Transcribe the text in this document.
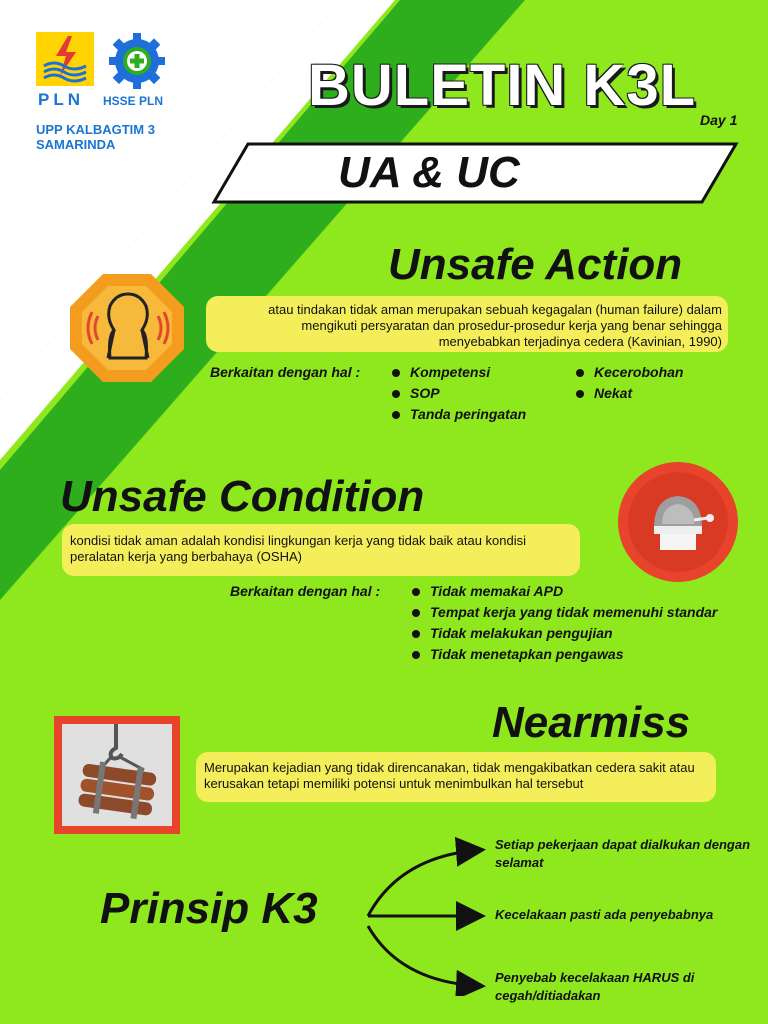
PLN HSSE PLN
UPP KALBAGTIM 3
SAMARINDA
BULETIN K3L
Day 1
UA & UC
Unsafe Action
atau tindakan tidak aman merupakan sebuah kegagalan (human failure) dalam mengikuti persyaratan dan prosedur-prosedur kerja yang benar sehingga menyebabkan terjadinya cedera (Kavinian, 1990)
Berkaitan dengan hal :	Kompetensi
SOP
Tanda peringatan
Kecerobohan
Nekat
Unsafe Condition
kondisi tidak aman adalah kondisi lingkungan kerja yang tidak baik atau kondisi peralatan kerja yang berbahaya (OSHA)
Berkaitan dengan hal :	Tidak memakai APD
Tempat kerja yang tidak memenuhi standar
Tidak melakukan pengujian
Tidak menetapkan pengawas
Nearmiss
Merupakan kejadian yang tidak direncanakan, tidak mengakibatkan cedera sakit atau kerusakan tetapi memiliki potensi untuk menimbulkan hal tersebut
Prinsip K3
Setiap pekerjaan dapat dialkukan dengan selamat
Kecelakaan pasti ada penyebabnya
Penyebab kecelakaan HARUS di cegah/ditiadakan
